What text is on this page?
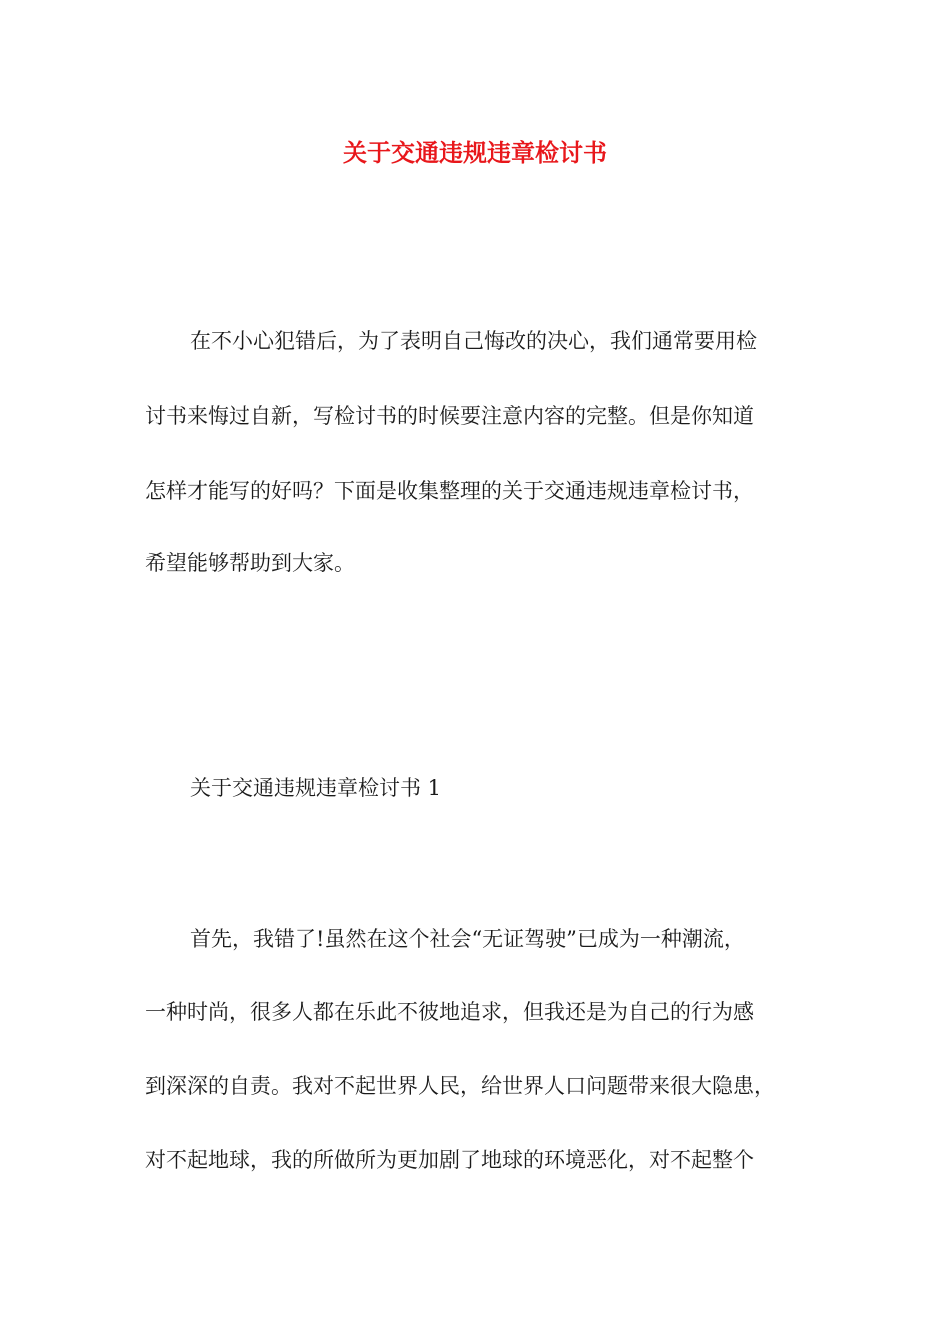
关于交通违规违章检讨书

在不小心犯错后，为了表明自己悔改的决心，我们通常要用检

讨书来悔过自新，写检讨书的时候要注意内容的完整。但是你知道

怎样才能写的好吗？下面是收集整理的关于交通违规违章检讨书，

希望能够帮助到大家。

关于交通违规违章检讨书 1

首先，我错了!虽然在这个社会“无证驾驶”已成为一种潮流，

一种时尚，很多人都在乐此不彼地追求，但我还是为自己的行为感

到深深的自责。我对不起世界人民，给世界人口问题带来很大隐患，

对不起地球，我的所做所为更加剧了地球的环境恶化，对不起整个
